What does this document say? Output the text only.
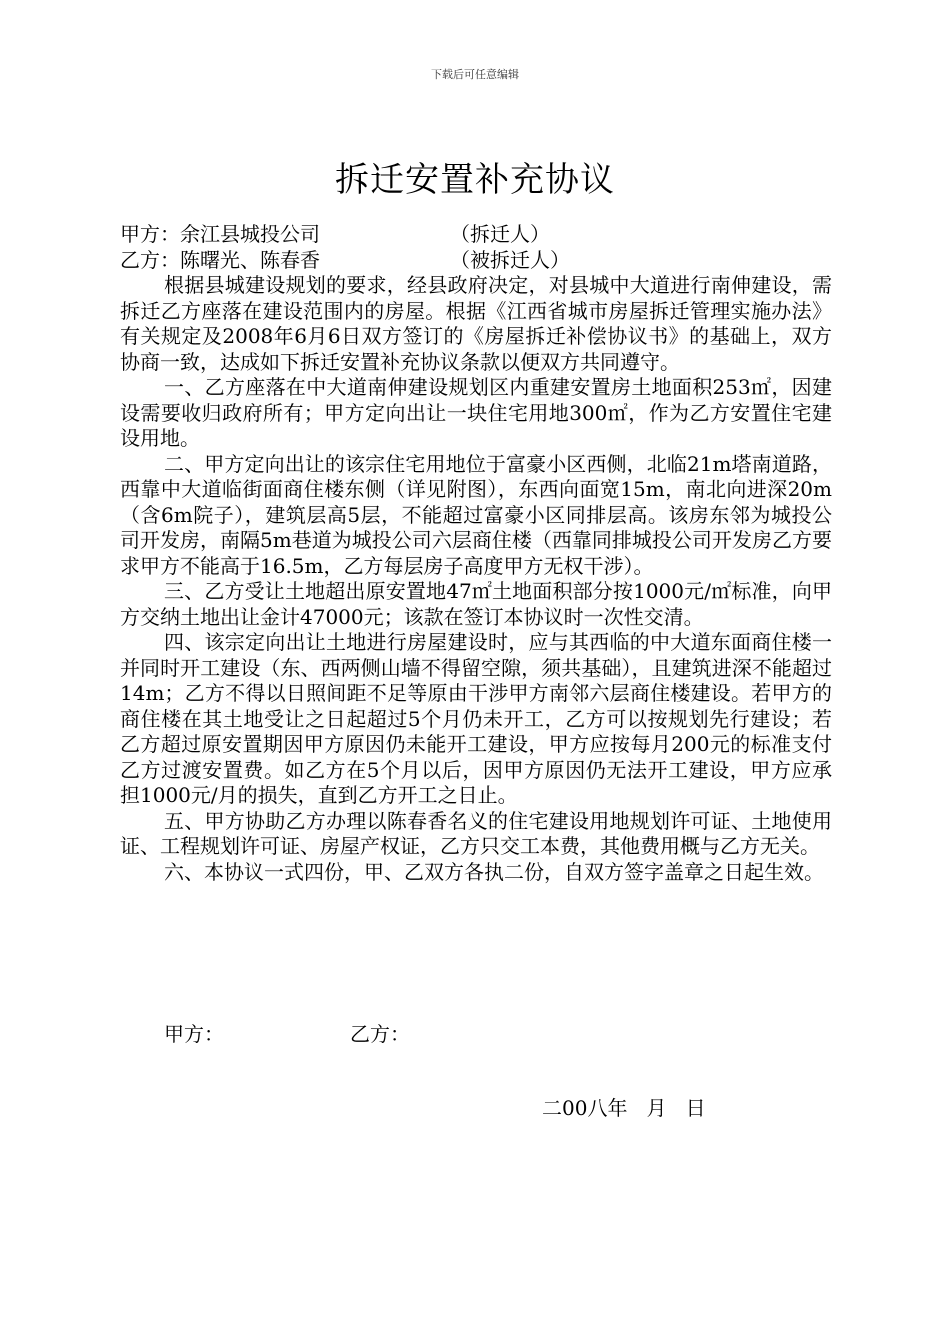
下载后可任意编辑
拆迁安置补充协议
甲方：余江县城投公司	（拆迁人）
乙方：陈曙光、陈春香	（被拆迁人）

根据县城建设规划的要求，经县政府决定，对县城中大道进行南伸建设，需拆迁乙方座落在建设范围内的房屋。根据《江西省城市房屋拆迁管理实施办法》有关规定及2008年6月6日双方签订的《房屋拆迁补偿协议书》的基础上，双方协商一致，达成如下拆迁安置补充协议条款以便双方共同遵守。

一、乙方座落在中大道南伸建设规划区内重建安置房土地面积253㎡，因建设需要收归政府所有；甲方定向出让一块住宅用地300㎡，作为乙方安置住宅建设用地。

二、甲方定向出让的该宗住宅用地位于富豪小区西侧，北临21m塔南道路，西靠中大道临街面商住楼东侧（详见附图），东西向面宽15m，南北向进深20m（含6m院子），建筑层高5层，不能超过富豪小区同排层高。该房东邻为城投公司开发房，南隔5m巷道为城投公司六层商住楼（西靠同排城投公司开发房乙方要求甲方不能高于16.5m，乙方每层房子高度甲方无权干涉）。

三、乙方受让土地超出原安置地47㎡土地面积部分按1000元/㎡标准，向甲方交纳土地出让金计47000元；该款在签订本协议时一次性交清。

四、该宗定向出让土地进行房屋建设时，应与其西临的中大道东面商住楼一并同时开工建设（东、西两侧山墙不得留空隙，须共基础），且建筑进深不能超过14m；乙方不得以日照间距不足等原由干涉甲方南邻六层商住楼建设。若甲方的商住楼在其土地受让之日起超过5个月仍未开工，乙方可以按规划先行建设；若乙方超过原安置期因甲方原因仍未能开工建设，甲方应按每月200元的标准支付乙方过渡安置费。如乙方在5个月以后，因甲方原因仍无法开工建设，甲方应承担1000元/月的损失，直到乙方开工之日止。

五、甲方协助乙方办理以陈春香名义的住宅建设用地规划许可证、土地使用证、工程规划许可证、房屋产权证，乙方只交工本费，其他费用概与乙方无关。

六、本协议一式四份，甲、乙双方各执二份，自双方签字盖章之日起生效。

甲方：	乙方：
二00八年   月   日
